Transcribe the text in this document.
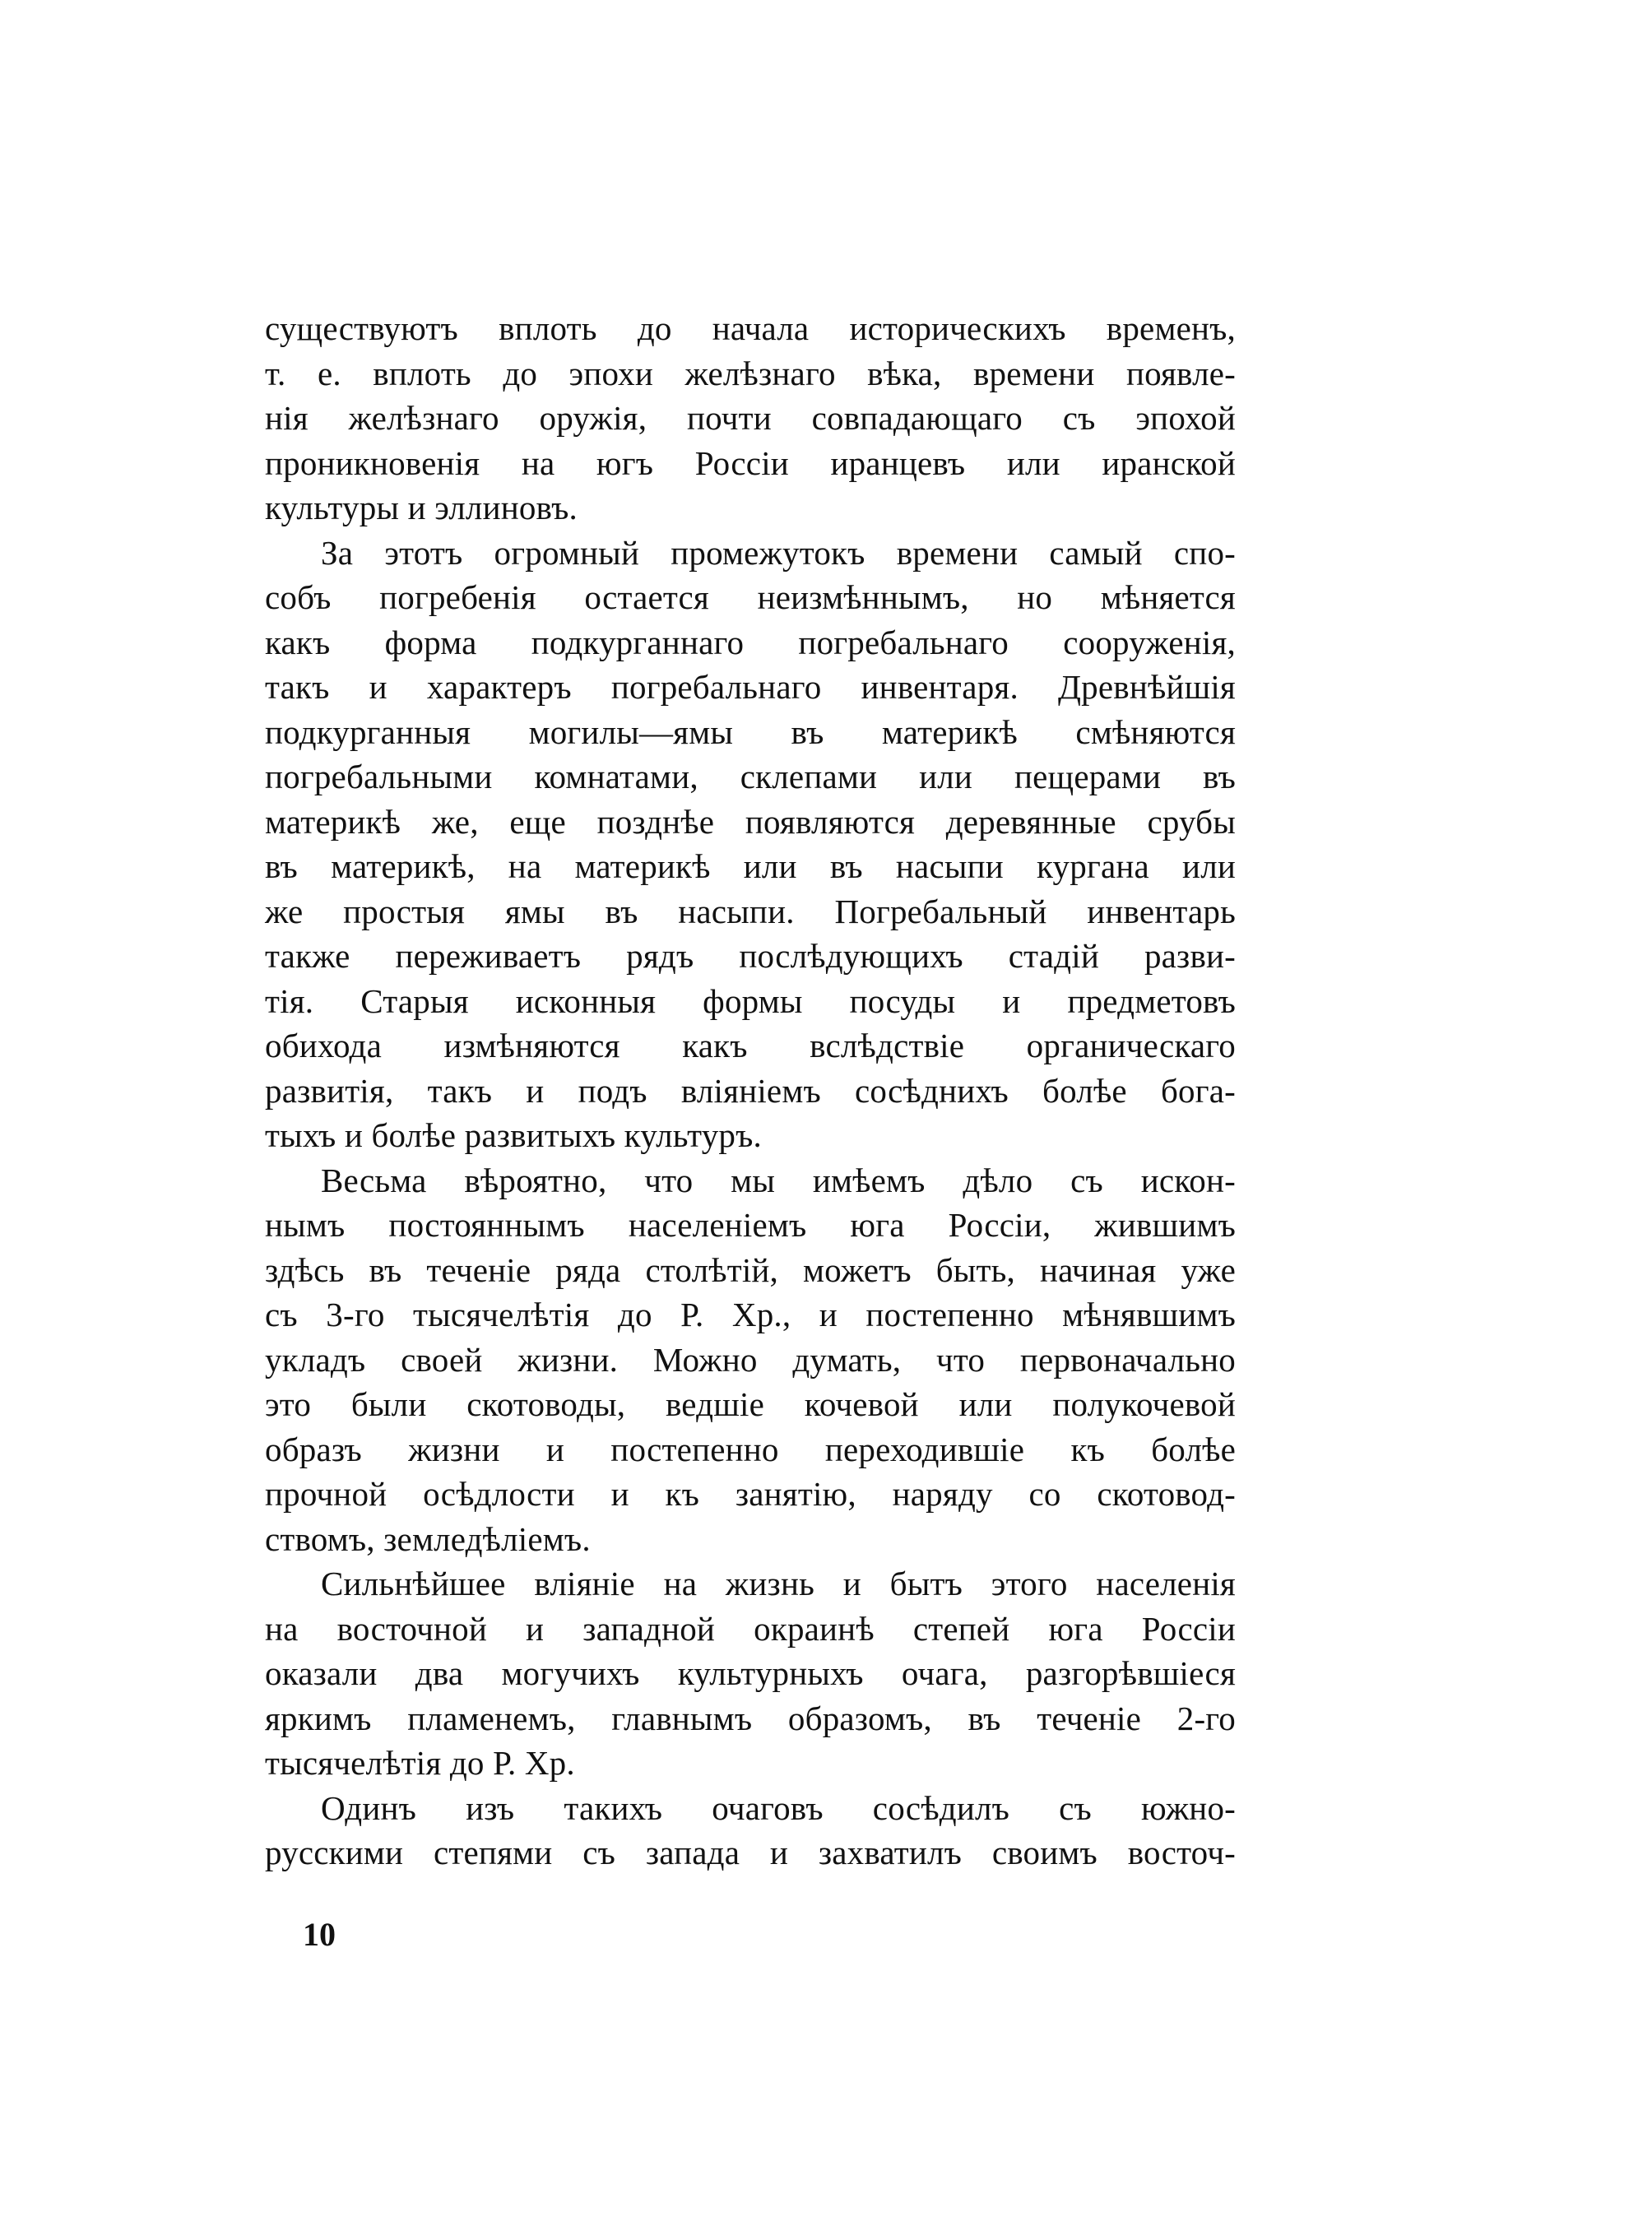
существуютъ вплоть до начала историческихъ временъ,
т. е. вплоть до эпохи желѣзнаго вѣка, времени появле-
нія желѣзнаго оружія, почти совпадающаго съ эпохой
проникновенія на югъ Россіи иранцевъ или иранской
культуры и эллиновъ.
За этотъ огромный промежутокъ времени самый спо-
собъ погребенія остается неизмѣннымъ, но мѣняется
какъ форма подкурганнаго погребальнаго сооруженія,
такъ и характеръ погребальнаго инвентаря. Древнѣйшія
подкурганныя могилы—ямы въ материкѣ смѣняются
погребальными комнатами, склепами или пещерами въ
материкѣ же, еще позднѣе появляются деревянные срубы
въ материкѣ, на материкѣ или въ насыпи кургана или
же простыя ямы въ насыпи. Погребальный инвентарь
также переживаетъ рядъ послѣдующихъ стадій разви-
тія. Старыя исконныя формы посуды и предметовъ
обихода измѣняются какъ вслѣдствіе органическаго
развитія, такъ и подъ вліяніемъ сосѣднихъ болѣе бога-
тыхъ и болѣе развитыхъ культуръ.
Весьма вѣроятно, что мы имѣемъ дѣло съ искон-
нымъ постояннымъ населеніемъ юга Россіи, жившимъ
здѣсь въ теченіе ряда столѣтій, можетъ быть, начиная уже
съ 3-го тысячелѣтія до Р. Хр., и постепенно мѣнявшимъ
укладъ своей жизни. Можно думать, что первоначально
это были скотоводы, ведшіе кочевой или полукочевой
образъ жизни и постепенно переходившіе къ болѣе
прочной осѣдлости и къ занятію, наряду со скотовод-
ствомъ, земледѣліемъ.
Сильнѣйшее вліяніе на жизнь и бытъ этого населенія
на восточной и западной окраинѣ степей юга Россіи
оказали два могучихъ культурныхъ очага, разгорѣвшіеся
яркимъ пламенемъ, главнымъ образомъ, въ теченіе 2-го
тысячелѣтія до Р. Хр.
Одинъ изъ такихъ очаговъ сосѣдилъ съ южно-
русскими степями съ запада и захватилъ своимъ восточ-
10
